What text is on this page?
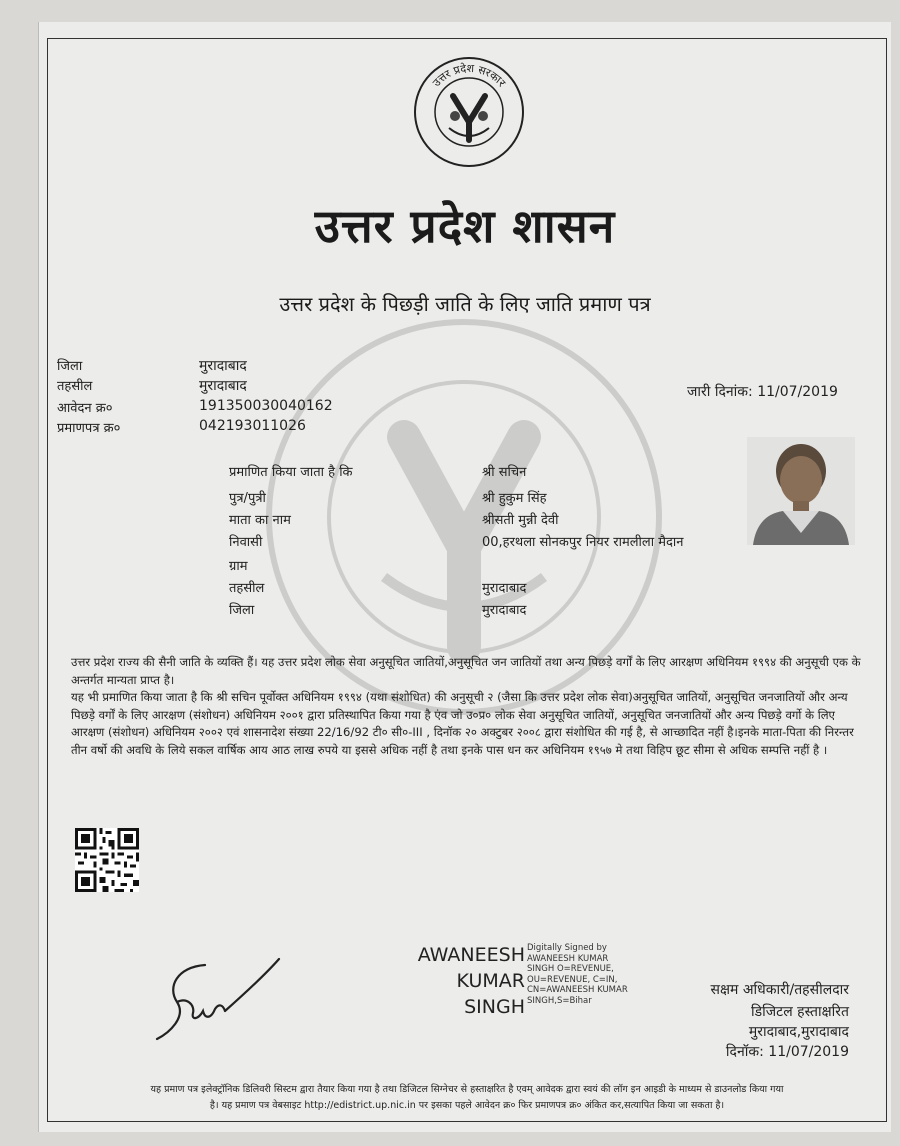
उत्तर प्रदेश सरकार
उत्तर प्रदेश शासन
उत्तर प्रदेश के पिछड़ी जाति के लिए जाति प्रमाण पत्र
जिला	मुरादाबाद
तहसील	मुरादाबाद
आवेदन क्र०	191350030040162
प्रमाणपत्र क्र०	042193011026
जारी दिनांक: 11/07/2019
प्रमाणित किया जाता है कि	श्री सचिन
पुत्र/पुत्री	श्री हुकुम सिंह
माता का नाम	श्रीसती मुन्नी देवी
निवासी	00,हरथला सोनकपुर नियर रामलीला मैदान
ग्राम
तहसील	मुरादाबाद
जिला	मुरादाबाद

उत्तर प्रदेश राज्य की सैनी जाति के व्यक्ति हैं। यह उत्तर प्रदेश लोक सेवा अनुसूचित जातियों,अनुसूचित जन जातियों तथा अन्य पिछड़े वर्गों के लिए आरक्षण अधिनियम १९९४ की अनुसूची एक के अन्तर्गत मान्यता प्राप्त है।

यह भी प्रमाणित किया जाता है कि श्री सचिन पूर्वोक्त अधिनियम १९९४ (यथा संशोधित) की अनुसूची २ (जैसा कि उत्तर प्रदेश लोक सेवा)अनुसूचित जातियों, अनुसूचित जनजातियों और अन्य पिछड़े वर्गों के लिए आरक्षण (संशोधन) अधिनियम २००१ द्वारा प्रतिस्थापित किया गया है एंव जो उ०प्र० लोक सेवा अनुसूचित जातियों, अनुसूचित जनजातियों और अन्य पिछड़े वर्गो के लिए आरक्षण (संशोधन) अधिनियम २००२ एवं शासनादेश संख्या 22/16/92 टी० सी०-III , दिनॉक २० अक्टुबर २००८ द्वारा संशोधित की गई है, से आच्छादित नहीं है।इनके माता-पिता की निरन्तर तीन वर्षो की अवधि के लिये सकल वार्षिक आय आठ लाख रुपये या इससे अधिक नहीं है तथा इनके पास धन कर अधिनियम १९५७ मे तथा विहिप छूट सीमा से अधिक सम्पत्ति नहीं है ।

AWANEESH
KUMAR
SINGH
Digitally Signed by
AWANEESH KUMAR
SINGH O=REVENUE,
OU=REVENUE, C=IN,
CN=AWANEESH KUMAR
SINGH,S=Bihar
सक्षम अधिकारी/तहसीलदार
डिजिटल हस्ताक्षरित
मुरादाबाद,मुरादाबाद
दिनॉक: 11/07/2019
यह प्रमाण पत्र इलेक्ट्रॉनिक डिलिवरी सिस्टम द्वारा तैयार किया गया है तथा डिजिटल सिग्नेचर से हस्ताक्षरित है एवम् आवेदक द्वारा स्वयं की लॉग इन आइडी के माध्यम से डाउनलोड किया गया
है। यह प्रमाण पत्र वेबसाइट http://edistrict.up.nic.in पर इसका पहले आवेदन क्र० फिर प्रमाणपत्र क्र० अंकित कर,सत्यापित किया जा सकता है।
